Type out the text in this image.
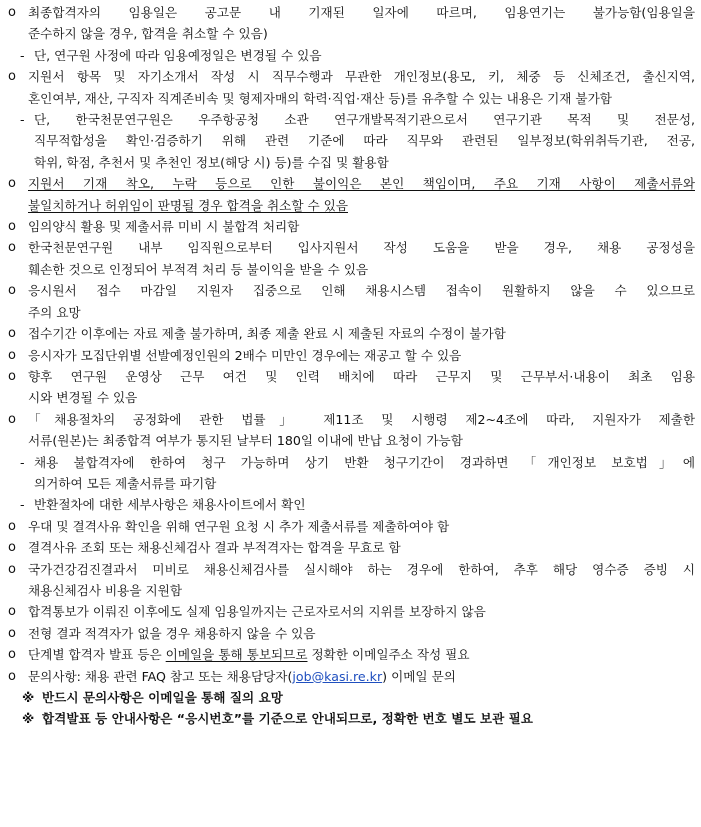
o 최종합격자의 임용일은 공고문 내 기재된 일자에 따르며, 임용연기는 불가능함(임용일을
준수하지 않을 경우, 합격을 취소할 수 있음)
- 단, 연구원 사정에 따라 임용예정일은 변경될 수 있음
o 지원서 항목 및 자기소개서 작성 시 직무수행과 무관한 개인정보(용모, 키, 체중 등 신체조건, 출신지역,
혼인여부, 재산, 구직자 직계존비속 및 형제자매의 학력·직업·재산 등)를 유추할 수 있는 내용은 기재 불가함
- 단, 한국천문연구원은 우주항공청 소관 연구개발목적기관으로서 연구기관 목적 및 전문성,
직무적합성을 확인·검증하기 위해 관련 기준에 따라 직무와 관련된 일부정보(학위취득기관, 전공,
학위, 학점, 추천서 및 추천인 정보(해당 시) 등)를 수집 및 활용함
o 지원서 기재 착오, 누락 등으로 인한 불이익은 본인 책임이며, 주요 기재 사항이 제출서류와
불일치하거나 허위임이 판명될 경우 합격을 취소할 수 있음
o 임의양식 활용 및 제출서류 미비 시 불합격 처리함
o 한국천문연구원 내부 임직원으로부터 입사지원서 작성 도움을 받을 경우, 채용 공정성을
훼손한 것으로 인정되어 부적격 처리 등 불이익을 받을 수 있음
o 응시원서 접수 마감일 지원자 집중으로 인해 채용시스템 접속이 원활하지 않을 수 있으므로
주의 요망
o 접수기간 이후에는 자료 제출 불가하며, 최종 제출 완료 시 제출된 자료의 수정이 불가함
o 응시자가 모집단위별 선발예정인원의 2배수 미만인 경우에는 재공고 할 수 있음
o 향후 연구원 운영상 근무 여건 및 인력 배치에 따라 근무지 및 근무부서·내용이 최초 임용
시와 변경될 수 있음
o 「채용절차의 공정화에 관한 법률」 제11조 및 시행령 제2~4조에 따라, 지원자가 제출한
서류(원본)는 최종합격 여부가 통지된 날부터 180일 이내에 반납 요청이 가능함
- 채용 불합격자에 한하여 청구 가능하며 상기 반환 청구기간이 경과하면 「개인정보 보호법」에
의거하여 모든 제출서류를 파기함
- 반환절차에 대한 세부사항은 채용사이트에서 확인
o 우대 및 결격사유 확인을 위해 연구원 요청 시 추가 제출서류를 제출하여야 함
o 결격사유 조회 또는 채용신체검사 결과 부적격자는 합격을 무효로 함
o 국가건강검진결과서 미비로 채용신체검사를 실시해야 하는 경우에 한하여, 추후 해당 영수증 증빙 시
채용신체검사 비용을 지원함
o 합격통보가 이뤄진 이후에도 실제 임용일까지는 근로자로서의 지위를 보장하지 않음
o 전형 결과 적격자가 없을 경우 채용하지 않을 수 있음
o 단계별 합격자 발표 등은 이메일을 통해 통보되므로 정확한 이메일주소 작성 필요
o 문의사항: 채용 관련 FAQ 참고 또는 채용담당자(job@kasi.re.kr) 이메일 문의
※ 반드시 문의사항은 이메일을 통해 질의 요망
※ 합격발표 등 안내사항은 “응시번호”를 기준으로 안내되므로, 정확한 번호 별도 보관 필요
